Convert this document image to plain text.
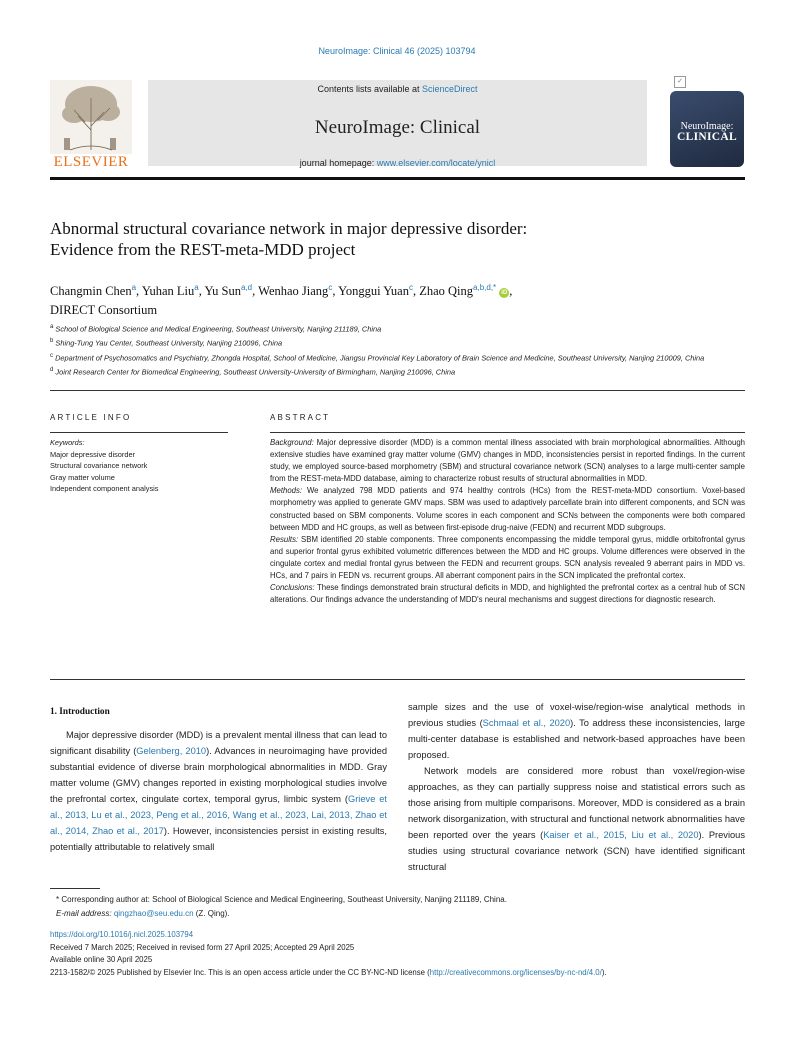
NeuroImage: Clinical 46 (2025) 103794
ELSEVIER
Contents lists available at ScienceDirect
NeuroImage: Clinical
journal homepage: www.elsevier.com/locate/ynicl
✓
NeuroImage:
CLINICAL
Abnormal structural covariance network in major depressive disorder:
Evidence from the REST-meta-MDD project
Changmin Chen$^a$, Yuhan Liu$^a$, Yu Sun$^{a,d}$, Wenhao Jiang$^c$, Yonggui Yuan$^c$, Zhao Qing$^{a,b,d,*}$ iD ,
DIRECT Consortium
$^a$ School of Biological Science and Medical Engineering, Southeast University, Nanjing 211189, China
$^b$ Shing-Tung Yau Center, Southeast University, Nanjing 210096, China
$^c$ Department of Psychosomatics and Psychiatry, Zhongda Hospital, School of Medicine, Jiangsu Provincial Key Laboratory of Brain Science and Medicine, Southeast University, Nanjing 210009, China
$^d$ Joint Research Center for Biomedical Engineering, Southeast University-University of Birmingham, Nanjing 210096, China
ARTICLE INFO	ABSTRACT
Keywords:
Major depressive disorder
Structural covariance network
Gray matter volume
Independent component analysis

Background: Major depressive disorder (MDD) is a common mental illness associated with brain morphological abnormalities. Although extensive studies have examined gray matter volume (GMV) changes in MDD, inconsistencies persist in reported findings. In the current study, we employed source-based morphometry (SBM) and structural covariance network (SCN) analyses to a large multi-center sample from the REST-meta-MDD database, aiming to characterize robust results of structural abnormalities in MDD.

Methods: We analyzed 798 MDD patients and 974 healthy controls (HCs) from the REST-meta-MDD consortium. Voxel-based morphometry was applied to generate GMV maps. SBM was used to adaptively parcellate brain into different components, and SCN was constructed based on SBM components. Volume scores in each component and SCNs between the components were both compared between MDD and HC groups, as well as between first-episode drug-naive (FEDN) and recurrent MDD subgroups.

Results: SBM identified 20 stable components. Three components encompassing the middle temporal gyrus, middle orbitofrontal gyrus and superior frontal gyrus exhibited volumetric differences between the MDD and HC groups. Volume differences were observed in the cingulate cortex and medial frontal gyrus between the FEDN and recurrent groups. SCN analysis revealed 9 aberrant pairs in MDD vs. HCs, and 7 pairs in FEDN vs. recurrent groups. All aberrant component pairs in the SCN implicated the prefrontal cortex.

Conclusions: These findings demonstrated brain structural deficits in MDD, and highlighted the prefrontal cortex as a central hub of SCN alterations. Our findings advance the understanding of MDD's neural mechanisms and suggest directions for diagnostic research.

1. Introduction

Major depressive disorder (MDD) is a prevalent mental illness that can lead to significant disability (Gelenberg, 2010). Advances in neuroimaging have provided substantial evidence of diverse brain morphological abnormalities in MDD. Gray matter volume (GMV) changes reported in existing morphological studies involve the prefrontal cortex, cingulate cortex, temporal gyrus, limbic system (Grieve et al., 2013, Lu et al., 2023, Peng et al., 2016, Wang et al., 2023, Lai, 2013, Zhao et al., 2014, Zhao et al., 2017). However, inconsistencies persist in existing results, potentially attributable to relatively small

sample sizes and the use of voxel-wise/region-wise analytical methods in previous studies (Schmaal et al., 2020). To address these inconsistencies, large multi-center database is established and network-based approaches have been proposed.

Network models are considered more robust than voxel/region-wise approaches, as they can partially suppress noise and statistical errors such as those arising from multiple comparisons. Moreover, MDD is considered as a brain network disorganization, with structural and functional network abnormalities have been reported over the years (Kaiser et al., 2015, Liu et al., 2020). Previous studies using structural covariance network (SCN) have identified significant structural

* Corresponding author at: School of Biological Science and Medical Engineering, Southeast University, Nanjing 211189, China.
E-mail address: qingzhao@seu.edu.cn (Z. Qing).
https://doi.org/10.1016/j.nicl.2025.103794
Received 7 March 2025; Received in revised form 27 April 2025; Accepted 29 April 2025
Available online 30 April 2025
2213-1582/© 2025 Published by Elsevier Inc. This is an open access article under the CC BY-NC-ND license (http://creativecommons.org/licenses/by-nc-nd/4.0/).
